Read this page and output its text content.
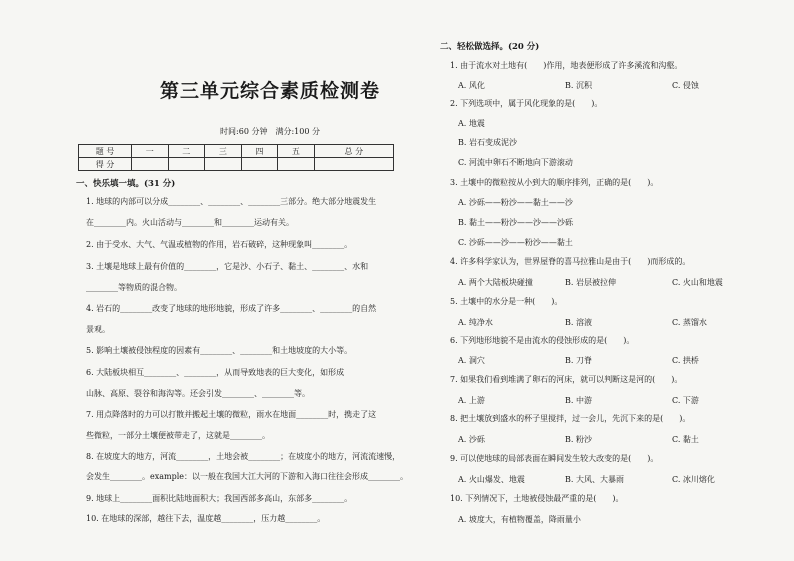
第三单元综合素质检测卷
时间:60 分钟　满分:100 分
题 号	一	二	三	四	五	总 分
得 分						
一、快乐填一填。(31 分)
1. 地球的内部可以分成________、________、________三部分。绝大部分地震发生
在________内。火山活动与________和________运动有关。
2. 由于受水、大气、气温或植物的作用，岩石破碎，这种现象叫________。
3. 土壤是地球上最有价值的________，它是沙、小石子、黏土、________、水和
________等物质的混合物。
4. 岩石的________改变了地球的地形地貌，形成了许多________、________的自然
景观。
5. 影响土壤被侵蚀程度的因素有________、________和土地坡度的大小等。
6. 大陆板块相互________、________，从而导致地表的巨大变化，如形成
山脉、高原、裂谷和海沟等。还会引发________、________等。
7. 用点降落时的力可以打散并搬起土壤的微粒，雨水在地面________时，携走了这
些微粒，一部分土壤便被带走了，这就是________。
8. 在坡度大的地方，河流________，土地会被________；在坡度小的地方，河流流速慢，
会发生________。example：以一般在我国大江大河的下游和入海口往往会形成________。
9. 地球上________面积比陆地面积大；我国西部多高山，东部多________。
10. 在地球的深部，越往下去，温度越________，压力越________。
二、轻松做选择。(20 分)
1. 由于流水对土地有(　　)作用，地表便形成了许多溪流和沟壑。
A. 风化	B. 沉积	C. 侵蚀
2. 下列选项中，属于风化现象的是(　　)。
A. 地震
B. 岩石变成泥沙
C. 河流中卵石不断地向下游滚动
3. 土壤中的微粒按从小到大的顺序排列，正确的是(　　)。
A. 沙砾——粉沙——黏土——沙
B. 黏土——粉沙——沙——沙砾
C. 沙砾——沙——粉沙——黏土
4. 许多科学家认为，世界屋脊的喜马拉雅山是由于(　　)而形成的。
A. 两个大陆板块碰撞	B. 岩层被拉伸	C. 火山和地震
5. 土壤中的水分是一种(　　)。
A. 纯净水	B. 溶液	C. 蒸馏水
6. 下列地形地貌不是由流水的侵蚀形成的是(　　)。
A. 洞穴	B. 刀脊	C. 拱桥
7. 如果我们看到堆满了卵石的河床，就可以判断这是河的(　　)。
A. 上游	B. 中游	C. 下游
8. 把土壤放到盛水的杯子里搅拌，过一会儿，先沉下来的是(　　)。
A. 沙砾	B. 粉沙	C. 黏土
9. 可以使地球的局部表面在瞬间发生较大改变的是(　　)。
A. 火山爆发、地震	B. 大风、大暴雨	C. 冰川熔化
10. 下列情况下，土地被侵蚀最严重的是(　　)。
A. 坡度大，有植物覆盖，降雨量小
